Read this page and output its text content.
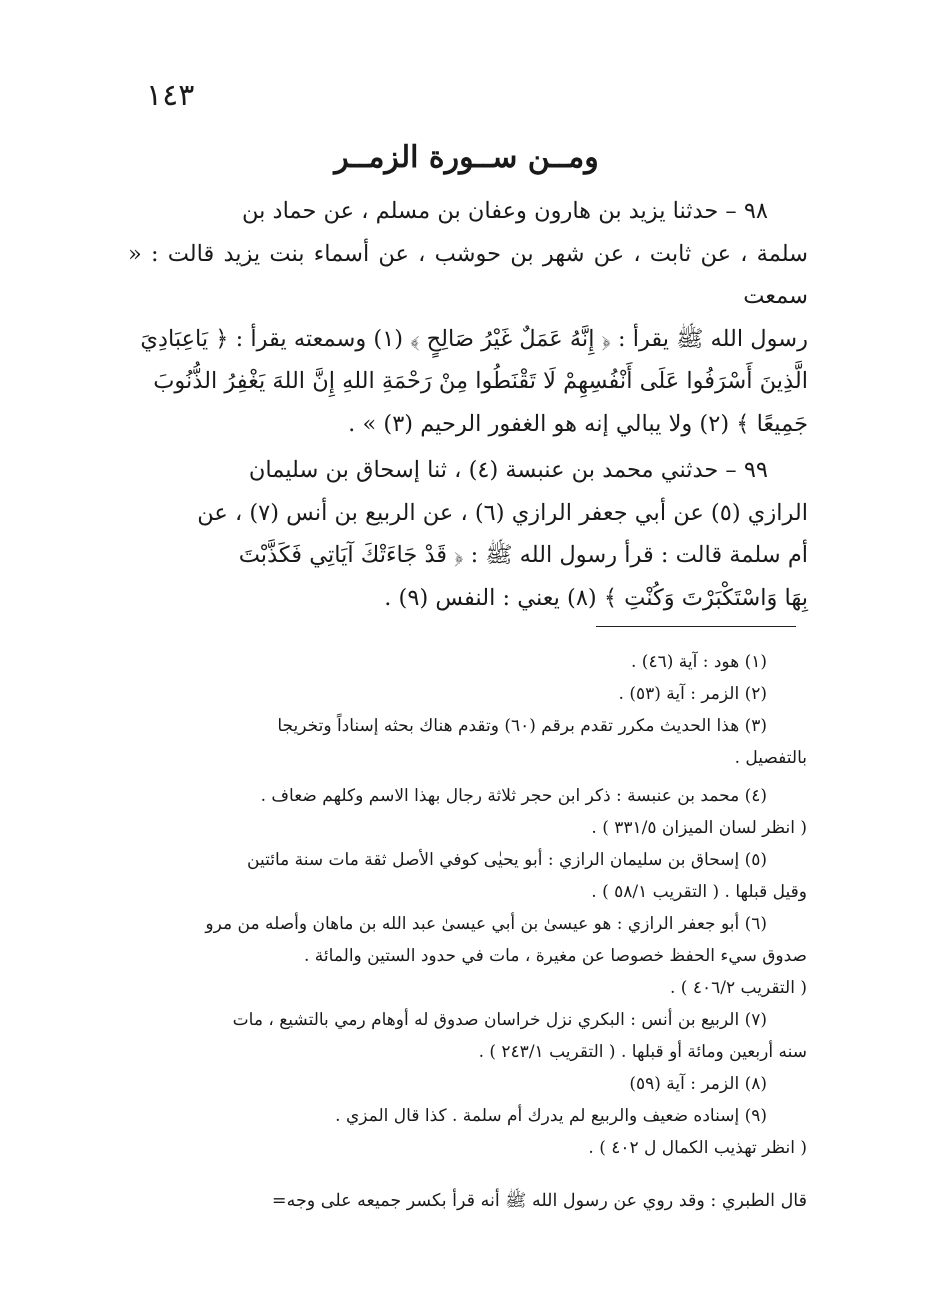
١٤٣
ومــن ســورة الزمــر

٩٨ – حدثنا يزيد بن هارون وعفان بن مسلم ، عن حماد بن
سلمة ، عن ثابت ، عن شهر بن حوشب ، عن أسماء بنت يزيد قالت : « سمعت
رسول الله ﷺ يقرأ : ﴿ إِنَّهُ عَمَلٌ غَيْرُ صَالِحٍ ﴾ (١) وسمعته يقرأ : ﴿ يَاعِبَادِيَ
الَّذِينَ أَسْرَفُوا عَلَى أَنْفُسِهِمْ لَا تَقْنَطُوا مِنْ رَحْمَةِ اللهِ إِنَّ اللهَ يَغْفِرُ الذُّنُوبَ
جَمِيعًا ﴾ (٢) ولا يبالي إنه هو الغفور الرحيم (٣) » .

٩٩ – حدثني محمد بن عنبسة (٤) ، ثنا إسحاق بن سليمان
الرازي (٥) عن أبي جعفر الرازي (٦) ، عن الربيع بن أنس (٧) ، عن
أم سلمة قالت : قرأ رسول الله ﷺ : ﴿ قَدْ جَاءَتْكَ آيَاتِي فَكَذَّبْتَ
بِهَا وَاسْتَكْبَرْتَ وَكُنْتِ ﴾ (٨) يعني : النفس (٩) .

(١) هود : آية (٤٦) .

(٢) الزمر : آية (٥٣) .

(٣) هذا الحديث مكرر تقدم برقم (٦٠) وتقدم هناك بحثه إسناداً وتخريجا
بالتفصيل .

(٤) محمد بن عنبسة : ذكر ابن حجر ثلاثة رجال بهذا الاسم وكلهم ضعاف .
( انظر لسان الميزان ٣٣١/٥ ) .

(٥) إسحاق بن سليمان الرازي : أبو يحيٰى كوفي الأصل ثقة مات سنة مائتين
وقيل قبلها . ( التقريب ٥٨/١ ) .

(٦) أبو جعفر الرازي : هو عيسىٰ بن أبي عيسىٰ عبد الله بن ماهان وأصله من مرو
صدوق سيء الحفظ خصوصا عن مغيرة ، مات في حدود الستين والمائة .
( التقريب ٤٠٦/٢ ) .

(٧) الربيع بن أنس : البكري نزل خراسان صدوق له أوهام رمي بالتشيع ، مات
سنه أربعين ومائة أو قبلها . ( التقريب ٢٤٣/١ ) .

(٨) الزمر : آية (٥٩)

(٩) إسناده ضعيف والربيع لم يدرك أم سلمة . كذا قال المزي .
( انظر تهذيب الكمال ل ٤٠٢ ) .

قال الطبري : وقد روي عن رسول الله ﷺ أنه قرأ بكسر جميعه على وجه=
